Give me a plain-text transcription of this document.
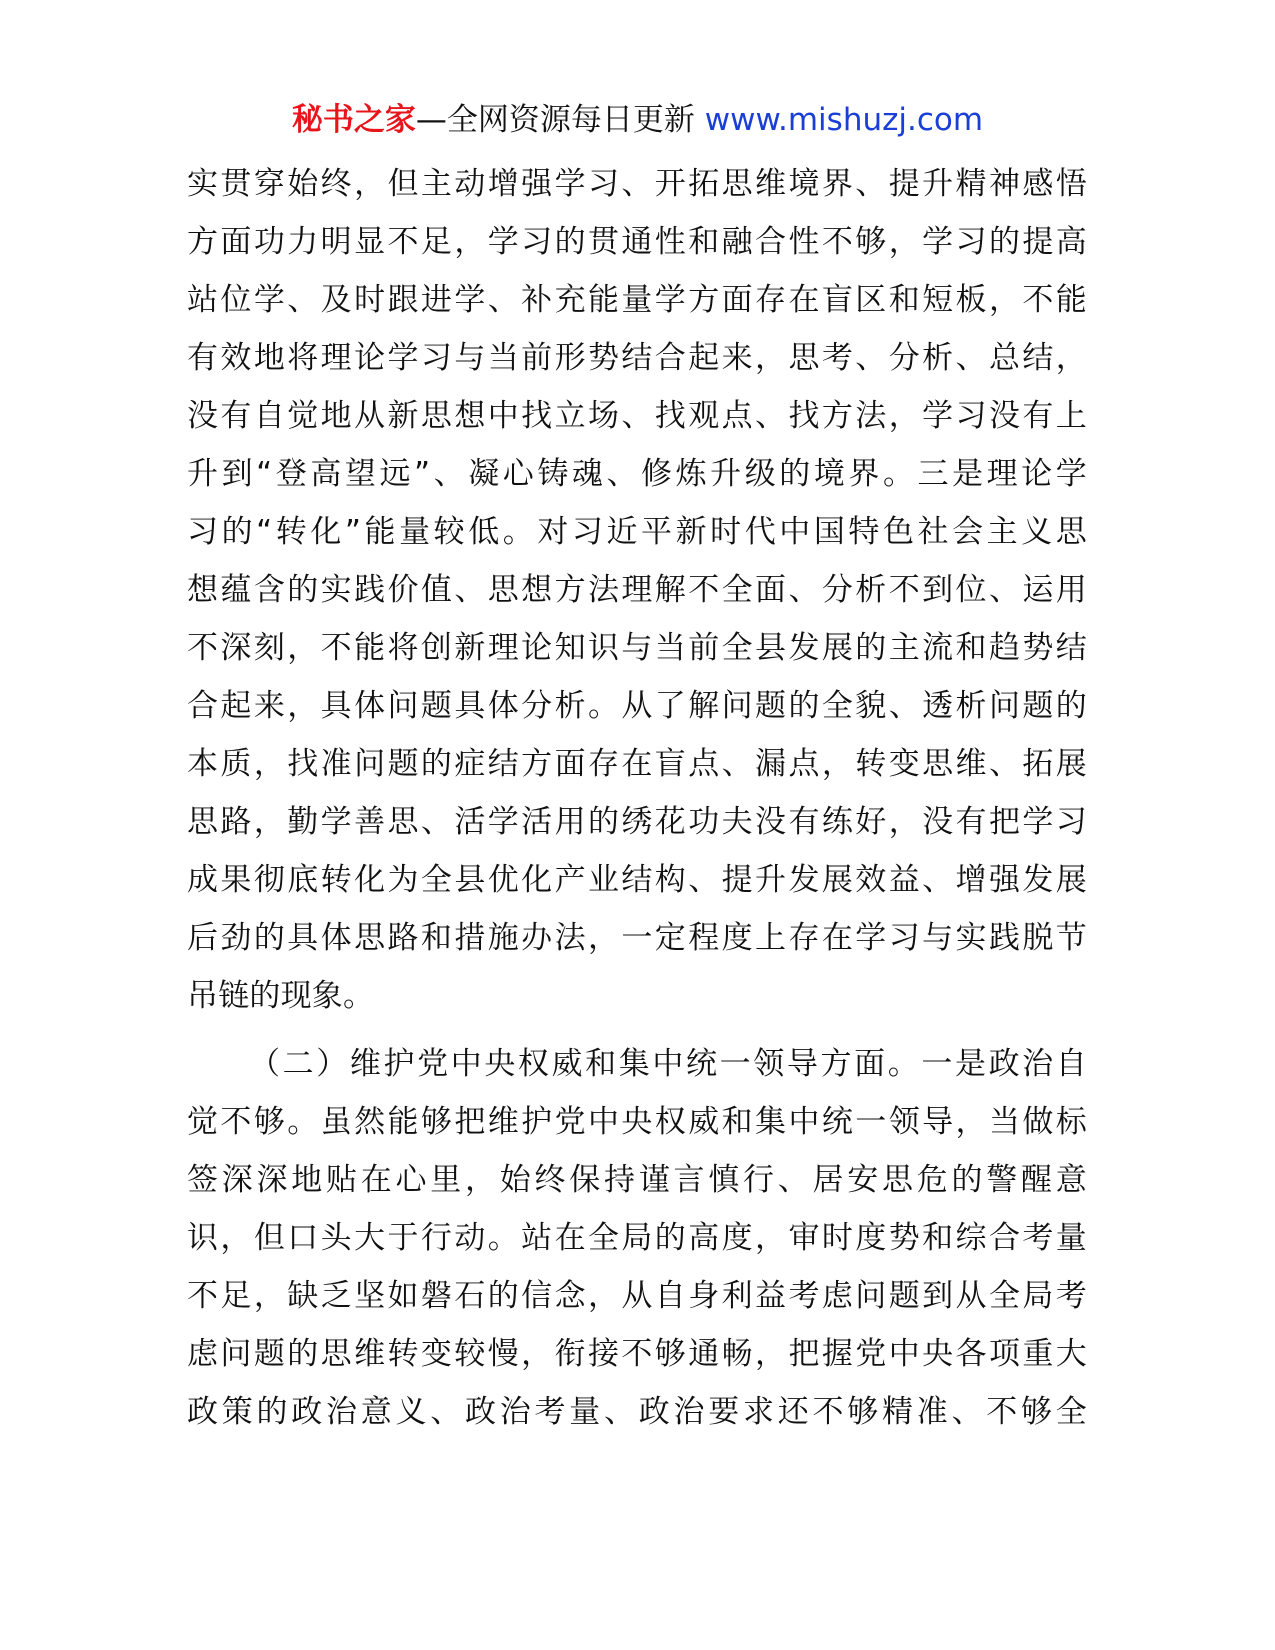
秘书之家—全网资源每日更新 www.mishuzj.com
实贯穿始终，但主动增强学习、开拓思维境界、提升精神感悟
方面功力明显不足，学习的贯通性和融合性不够，学习的提高
站位学、及时跟进学、补充能量学方面存在盲区和短板，不能
有效地将理论学习与当前形势结合起来，思考、分析、总结，
没有自觉地从新思想中找立场、找观点、找方法，学习没有上
升到“登高望远”、凝心铸魂、修炼升级的境界。三是理论学
习的“转化”能量较低。对习近平新时代中国特色社会主义思
想蕴含的实践价值、思想方法理解不全面、分析不到位、运用
不深刻，不能将创新理论知识与当前全县发展的主流和趋势结
合起来，具体问题具体分析。从了解问题的全貌、透析问题的
本质，找准问题的症结方面存在盲点、漏点，转变思维、拓展
思路，勤学善思、活学活用的绣花功夫没有练好，没有把学习
成果彻底转化为全县优化产业结构、提升发展效益、增强发展
后劲的具体思路和措施办法，一定程度上存在学习与实践脱节
吊链的现象。
（二）维护党中央权威和集中统一领导方面。一是政治自
觉不够。虽然能够把维护党中央权威和集中统一领导，当做标
签深深地贴在心里，始终保持谨言慎行、居安思危的警醒意
识，但口头大于行动。站在全局的高度，审时度势和综合考量
不足，缺乏坚如磐石的信念，从自身利益考虑问题到从全局考
虑问题的思维转变较慢，衔接不够通畅，把握党中央各项重大
政策的政治意义、政治考量、政治要求还不够精准、不够全
